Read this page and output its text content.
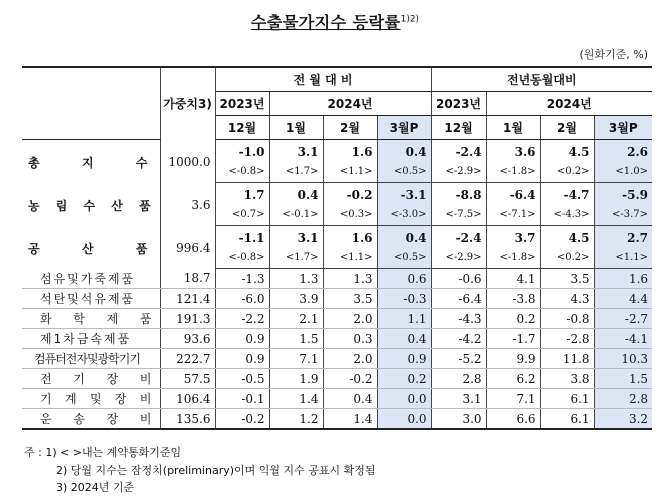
수출물가지수 등락률$^{1)2)}$
(원화기준, %)
	가중치3)	전 월 대 비				전년동월대비			
		2023년	2024년			2023년	2024년		
		12월	1월	2월	3월P	12월	1월	2월	3월P
총 지 수	1000.0	-1.0	3.1	1.6	0.4	-2.4	3.6	4.5	2.6
		<-0.8>	<1.7>	<1.1>	<0.5>	<-2.9>	<-1.8>	<0.2>	<1.0>
농 림 수 산 품	3.6	1.7	0.4	-0.2	-3.1	-8.8	-6.4	-4.7	-5.9
		<0.7>	<-0.1>	<0.3>	<-3.0>	<-7.5>	<-7.1>	<-4.3>	<-3.7>
공 산 품	996.4	-1.1	3.1	1.6	0.4	-2.4	3.7	4.5	2.7
		<-0.8>	<1.7>	<1.1>	<0.5>	<-2.9>	<-1.8>	<0.2>	<1.1>
섬유및가죽제품	18.7	-1.3	1.3	1.3	0.6	-0.6	4.1	3.5	1.6
석탄및석유제품	121.4	-6.0	3.9	3.5	-0.3	-6.4	-3.8	4.3	4.4
화 학 제 품	191.3	-2.2	2.1	2.0	1.1	-4.3	0.2	-0.8	-2.7
제1차금속제품	93.6	0.9	1.5	0.3	0.4	-4.2	-1.7	-2.8	-4.1
컴퓨터전자및광학기기	222.7	0.9	7.1	2.0	0.9	-5.2	9.9	11.8	10.3
전 기 장 비	57.5	-0.5	1.9	-0.2	0.2	2.8	6.2	3.8	1.5
기 계 및 장 비	106.4	-0.1	1.4	0.4	0.0	3.1	7.1	6.1	2.8
운 송 장 비	135.6	-0.2	1.2	1.4	0.0	3.0	6.6	6.1	3.2
주 : 1) < >내는 계약통화기준임
2) 당월 지수는 잠정치(preliminary)이며 익월 지수 공표시 확정됨
3) 2024년 기준
